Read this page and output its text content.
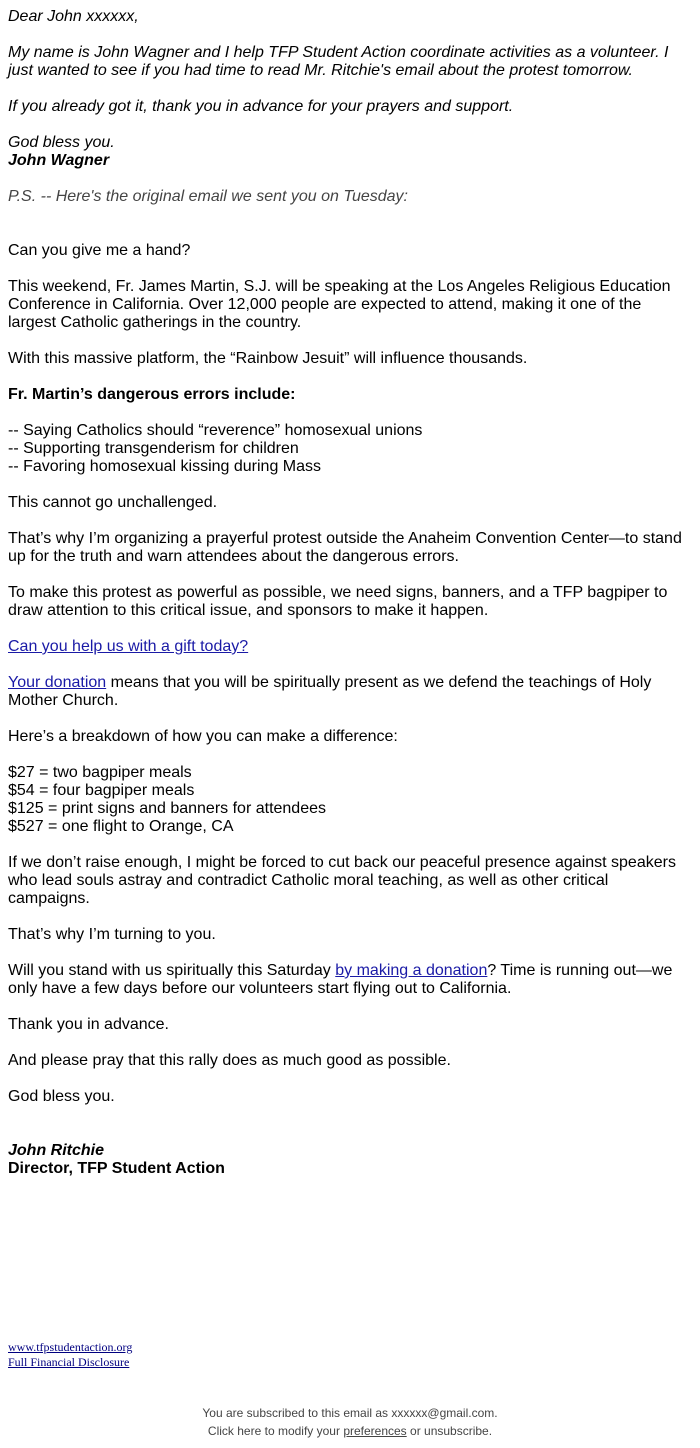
Dear John xxxxxx,
My name is John Wagner and I help TFP Student Action coordinate activities as a volunteer. I just wanted to see if you had time to read Mr. Ritchie's email about the protest tomorrow.
If you already got it, thank you in advance for your prayers and support.
God bless you.
John Wagner
P.S. -- Here's the original email we sent you on Tuesday:
Can you give me a hand?
This weekend, Fr. James Martin, S.J. will be speaking at the Los Angeles Religious Education Conference in California. Over 12,000 people are expected to attend, making it one of the largest Catholic gatherings in the country.
With this massive platform, the “Rainbow Jesuit” will influence thousands.
Fr. Martin’s dangerous errors include:
-- Saying Catholics should “reverence” homosexual unions
-- Supporting transgenderism for children
-- Favoring homosexual kissing during Mass
This cannot go unchallenged.
That’s why I’m organizing a prayerful protest outside the Anaheim Convention Center—to stand up for the truth and warn attendees about the dangerous errors.
To make this protest as powerful as possible, we need signs, banners, and a TFP bagpiper to draw attention to this critical issue, and sponsors to make it happen.
Can you help us with a gift today?
Your donation means that you will be spiritually present as we defend the teachings of Holy Mother Church.
Here’s a breakdown of how you can make a difference:
$27 = two bagpiper meals
$54 = four bagpiper meals
$125 = print signs and banners for attendees
$527 = one flight to Orange, CA
If we don’t raise enough, I might be forced to cut back our peaceful presence against speakers who lead souls astray and contradict Catholic moral teaching, as well as other critical campaigns.
That’s why I’m turning to you.
Will you stand with us spiritually this Saturday by making a donation? Time is running out—we only have a few days before our volunteers start flying out to California.
Thank you in advance.
And please pray that this rally does as much good as possible.
God bless you.
John Ritchie
Director, TFP Student Action
www.tfpstudentaction.org
Full Financial Disclosure
You are subscribed to this email as xxxxxx@gmail.com.
Click here to modify your preferences or unsubscribe.
